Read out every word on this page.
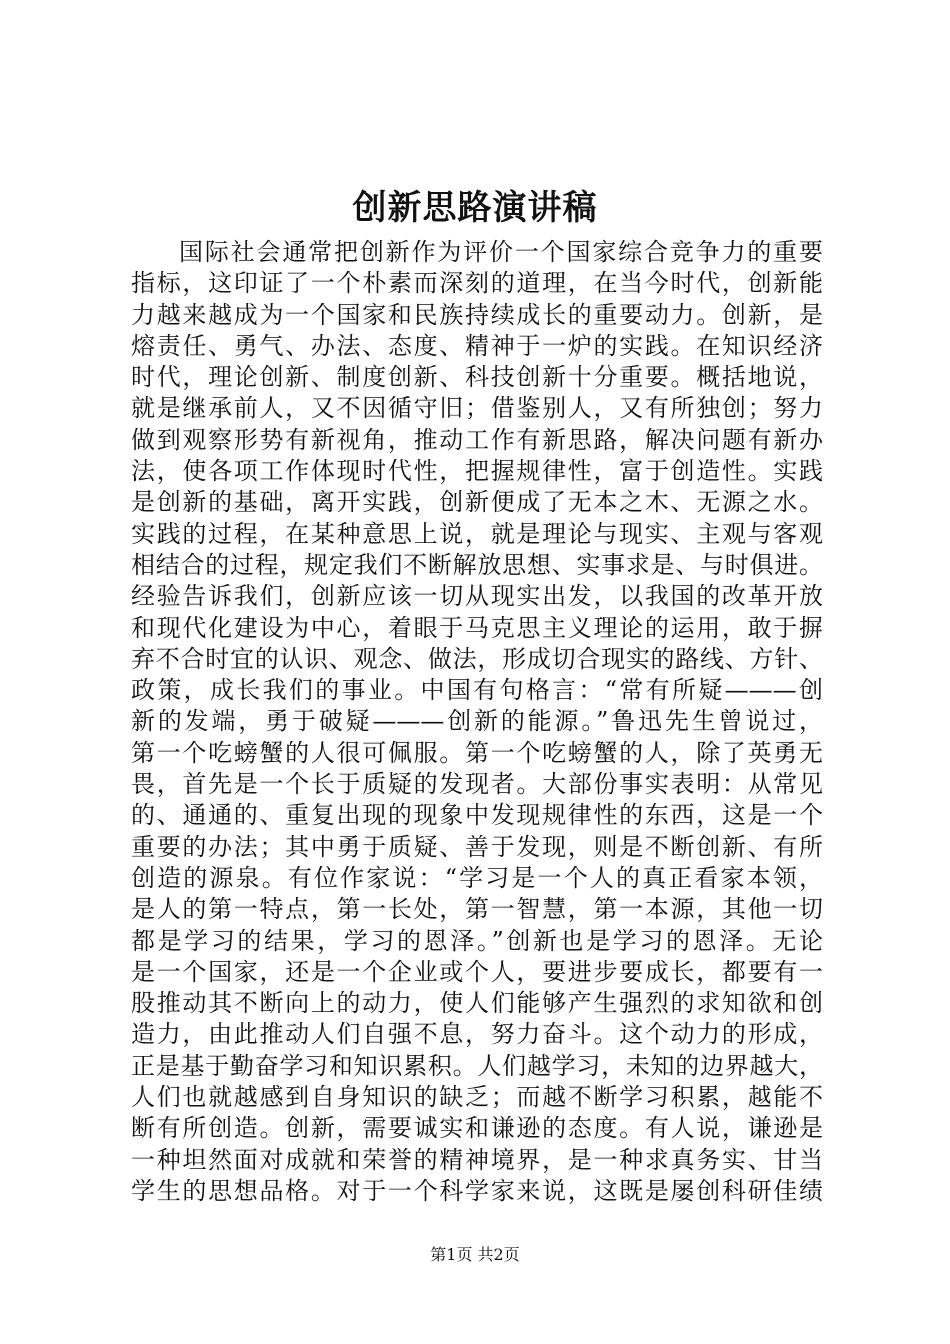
创新思路演讲稿
国际社会通常把创新作为评价一个国家综合竞争力的重要
指标，这印证了一个朴素而深刻的道理，在当今时代，创新能
力越来越成为一个国家和民族持续成长的重要动力。创新，是
熔责任、勇气、办法、态度、精神于一炉的实践。在知识经济
时代，理论创新、制度创新、科技创新十分重要。概括地说，
就是继承前人，又不因循守旧；借鉴别人，又有所独创；努力
做到观察形势有新视角，推动工作有新思路，解决问题有新办
法，使各项工作体现时代性，把握规律性，富于创造性。实践
是创新的基础，离开实践，创新便成了无本之木、无源之水。
实践的过程，在某种意思上说，就是理论与现实、主观与客观
相结合的过程，规定我们不断解放思想、实事求是、与时俱进。
经验告诉我们，创新应该一切从现实出发，以我国的改革开放
和现代化建设为中心，着眼于马克思主义理论的运用，敢于摒
弃不合时宜的认识、观念、做法，形成切合现实的路线、方针、
政策，成长我们的事业。中国有句格言：“常有所疑———创
新的发端，勇于破疑———创新的能源。”鲁迅先生曾说过，
第一个吃螃蟹的人很可佩服。第一个吃螃蟹的人，除了英勇无
畏，首先是一个长于质疑的发现者。大部份事实表明：从常见
的、通通的、重复出现的现象中发现规律性的东西，这是一个
重要的办法；其中勇于质疑、善于发现，则是不断创新、有所
创造的源泉。有位作家说：“学习是一个人的真正看家本领，
是人的第一特点，第一长处，第一智慧，第一本源，其他一切
都是学习的结果，学习的恩泽。”创新也是学习的恩泽。无论
是一个国家，还是一个企业或个人，要进步要成长，都要有一
股推动其不断向上的动力，使人们能够产生强烈的求知欲和创
造力，由此推动人们自强不息，努力奋斗。这个动力的形成，
正是基于勤奋学习和知识累积。人们越学习，未知的边界越大，
人们也就越感到自身知识的缺乏；而越不断学习积累，越能不
断有所创造。创新，需要诚实和谦逊的态度。有人说，谦逊是
一种坦然面对成就和荣誉的精神境界，是一种求真务实、甘当
学生的思想品格。对于一个科学家来说，这既是屡创科研佳绩
第1页 共2页
